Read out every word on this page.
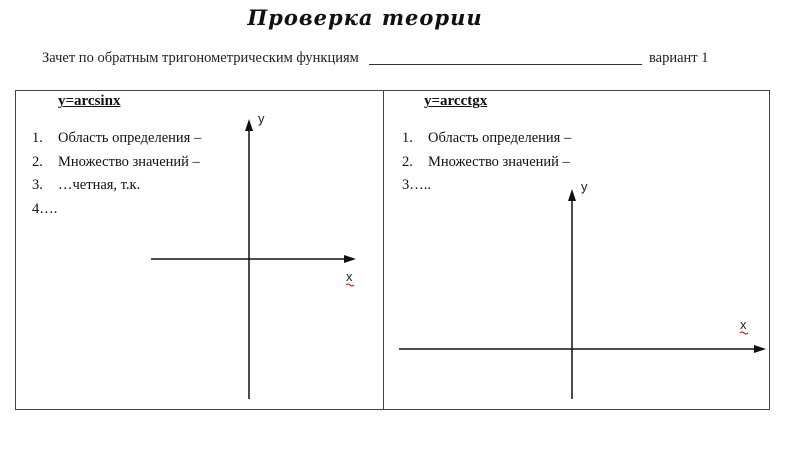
Проверка теории
Зачет по обратным тригонометрическим функциям	вариант 1
y=arcsinx
1. Область определения –
2. Множество значений –
3. …четная, т.к.
4….
y
x
y=arcctgx
1. Область определения –
2. Множество значений –
3…..	y
x
